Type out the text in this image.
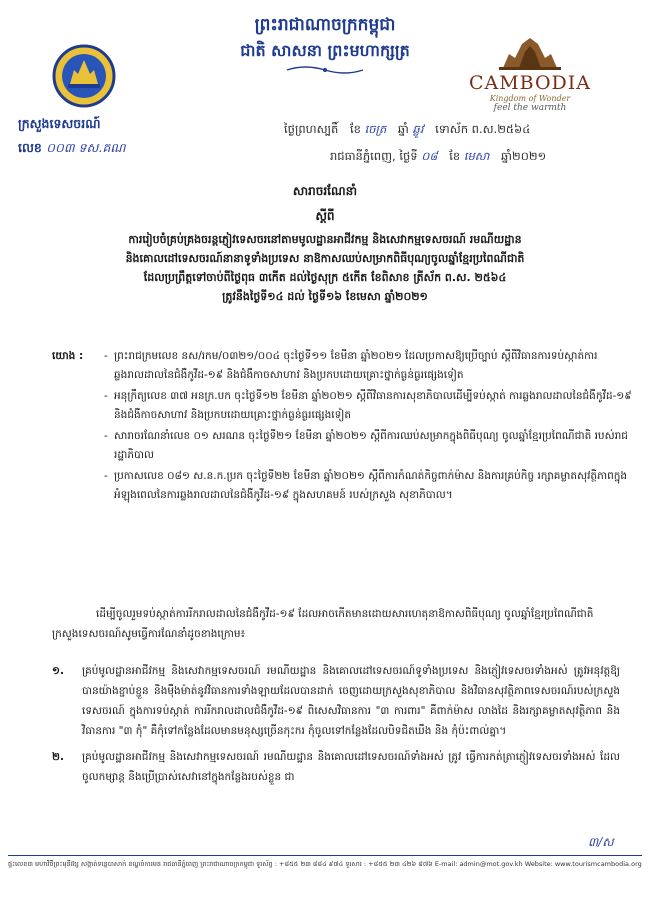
ព្រះរាជាណាចក្រកម្ពុជា
ជាតិ សាសនា ព្រះមហាក្សត្រ
ក្រសួងទេសចរណ៍
លេខ ០០៣ ទស.គណ
CAMBODIA
Kingdom of Wonder
feel the warmth
ថ្ងៃព្រហស្បតិ៍ ខែ ចេត្រ ឆ្នាំ ឆ្លូវ ទោស័ក ព.ស.២៥៦៤
រាជធានីភ្នំពេញ, ថ្ងៃទី ០៨ ខែ មេសា ឆ្នាំ២០២១
សារាចរណែនាំ
ស្តីពី
ការរៀបចំគ្រប់គ្រងចរន្តភ្ញៀវទេសចរនៅតាមមូលដ្ឋានអាជីវកម្ម និងសេវាកម្មទេសចរណ៍ រមណីយដ្ឋាន
និងគោលដៅទេសចរណ៍នានាទូទាំងប្រទេស នាឱកាសឈប់សម្រាកពិធីបុណ្យចូលឆ្នាំខ្មែរប្រពៃណីជាតិ
ដែលប្រព្រឹត្តទៅចាប់ពីថ្ងៃពុធ ៣កើត ដល់ថ្ងៃសុក្រ ៥កើត ខែពិសាខ ត្រីស័ក ព.ស. ២៥៦៤
ត្រូវនឹងថ្ងៃទី១៤ ដល់ ថ្ងៃទី១៦ ខែមេសា ឆ្នាំ២០២១
យោង :
-	ព្រះរាជក្រមលេខ នស/រកម/០៣២១/០០៤ ចុះថ្ងៃទី១១ ខែមីនា ឆ្នាំ២០២១ ដែលប្រកាសឱ្យប្រើច្បាប់ ស្តីពីវិធានការទប់ស្កាត់ការឆ្លងរាលដាលនៃជំងឺកូវីដ-១៩ និងជំងឺកាចសាហាវ និងប្រកបដោយគ្រោះថ្នាក់ធ្ងន់ធ្ងរផ្សេងទៀត
- អនុក្រឹត្យលេខ ៣៧ អនក្រ.បក ចុះថ្ងៃទី១២ ខែមីនា ឆ្នាំ២០២១ ស្តីពីវិធានការសុខាភិបាលដើម្បីទប់ស្កាត់ ការឆ្លងរាលដាលនៃជំងឺកូវីដ-១៩ និងជំងឺកាចសាហាវ និងប្រកបដោយគ្រោះថ្នាក់ធ្ងន់ធ្ងរផ្សេងទៀត
- សារាចរណែនាំលេខ ០១ សរណន ចុះថ្ងៃទី២១ ខែមីនា ឆ្នាំ២០២១ ស្តីពីការឈប់សម្រាកក្នុងពិធីបុណ្យ ចូលឆ្នាំខ្មែរប្រពៃណីជាតិ របស់រាជរដ្ឋាភិបាល
- ប្រកាសលេខ ០៨១ ស.ន.ក.ប្រក ចុះថ្ងៃទី២២ ខែមីនា ឆ្នាំ២០២១ ស្តីពីការកំណត់កិច្ចពាក់ម៉ាស និងការគ្រប់កិច្ច រក្សាគម្លាតសុវត្ថិភាពក្នុងអំឡុងពេលនៃការឆ្លងរាលដាលនៃជំងឺកូវីដ-១៩ ក្នុងសហគមន៍ របស់ក្រសួង សុខាភិបាល។
ដើម្បីចូលរួមទប់ស្កាត់ការរីករាលដាលនៃជំងឺកូវីដ-១៩ ដែលអាចកើតមានដោយសារហេតុនាឱកាសពិធីបុណ្យ ចូលឆ្នាំខ្មែរប្រពៃណីជាតិ ក្រសួងទេសចរណ៍សូមធ្វើការណែនាំដូចខាងក្រោម៖
១. គ្រប់មូលដ្ឋានអាជីវកម្ម និងសេវាកម្មទេសចរណ៍ រមណីយដ្ឋាន និងគោលដៅទេសចរណ៍ទូទាំងប្រទេស និងភ្ញៀវទេសចរទាំងអស់ ត្រូវអនុវត្តឱ្យបានយ៉ាងខ្ជាប់ខ្ជួន និងម៉ឺងម៉ាត់នូវវិធានការទាំងឡាយដែលបានដាក់ ចេញដោយក្រសួងសុខាភិបាល និងវិធានសុវត្ថិភាពទេសចរណ៍របស់ក្រសួងទេសចរណ៍ ក្នុងការទប់ស្កាត់ ការរីករាលដាលជំងឺកូវីដ-១៩ ពិសេសវិធានការ "៣ ការពារ" គឺពាក់ម៉ាស លាងដៃ និងរក្សាគម្លាតសុវត្ថិភាព និងវិធានការ "៣ កុំ" គឺកុំទៅកន្លែងដែលមានមនុស្សច្រើនកុះករ កុំចូលទៅកន្លែងដែលបិទជិតឃឹង និង កុំប៉ះពាល់គ្នា។

២. គ្រប់មូលដ្ឋានអាជីវកម្ម និងសេវាកម្មទេសចរណ៍ រមណីយដ្ឋាន និងគោលដៅទេសចរណ៍ទាំងអស់ ត្រូវ ធ្វើការកត់ត្រាភ្ញៀវទេសចរទាំងអស់ ដែលចូលកម្សាន្ត និងប្រើប្រាស់សេវានៅក្នុងកន្លែងរបស់ខ្លួន ជា

៣/ស
ផ្ទះលេខ៣ មហាវិថីព្រះមុនីវង្ស សង្កាត់ទន្លេបាសាក់ ខណ្ឌចំការមន រាជធានីភ្នំពេញ ព្រះរាជាណាចក្រកម្ពុជា ទូរស័ព្ទ : +៨៥៥ ២៣ ៨៨៤ ៩៧៤ ទូរសារ : +៨៥៥ ២៣ ៤២៦ ៨៧៦ E-mail: admin@mot.gov.kh Website: www.tourismcambodia.org
